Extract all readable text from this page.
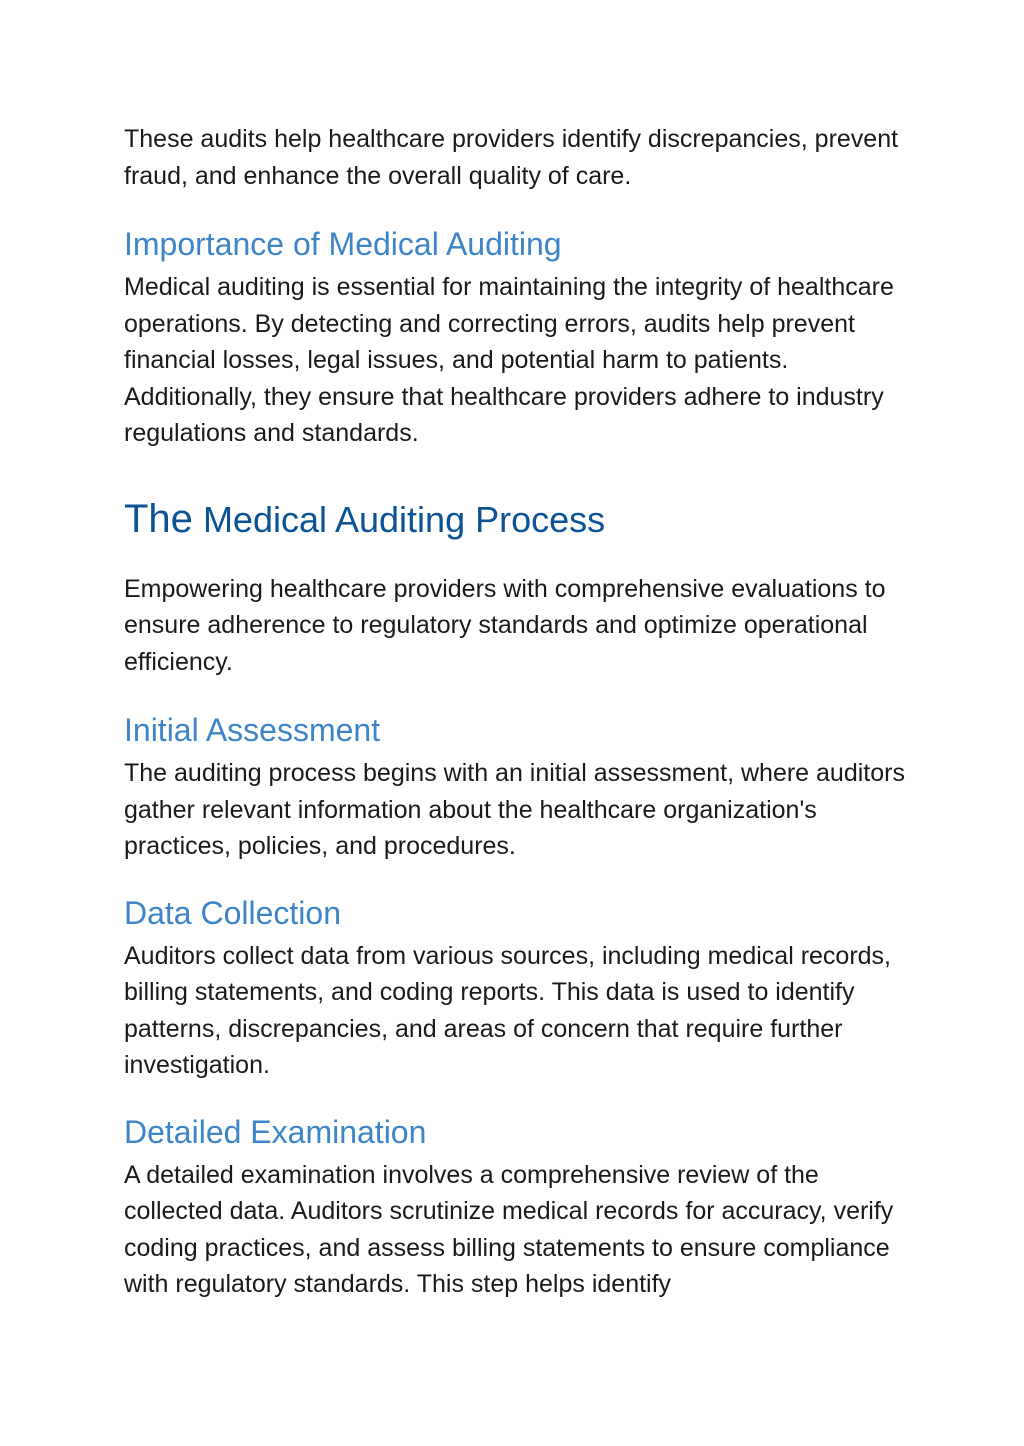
These audits help healthcare providers identify discrepancies, prevent fraud, and enhance the overall quality of care.

Importance of Medical Auditing

Medical auditing is essential for maintaining the integrity of healthcare operations. By detecting and correcting errors, audits help prevent financial losses, legal issues, and potential harm to patients. Additionally, they ensure that healthcare providers adhere to industry regulations and standards.

The Medical Auditing Process

Empowering healthcare providers with comprehensive evaluations to ensure adherence to regulatory standards and optimize operational efficiency.

Initial Assessment

The auditing process begins with an initial assessment, where auditors gather relevant information about the healthcare organization's practices, policies, and procedures.

Data Collection

Auditors collect data from various sources, including medical records, billing statements, and coding reports. This data is used to identify patterns, discrepancies, and areas of concern that require further investigation.

Detailed Examination

A detailed examination involves a comprehensive review of the collected data. Auditors scrutinize medical records for accuracy, verify coding practices, and assess billing statements to ensure compliance with regulatory standards. This step helps identify
